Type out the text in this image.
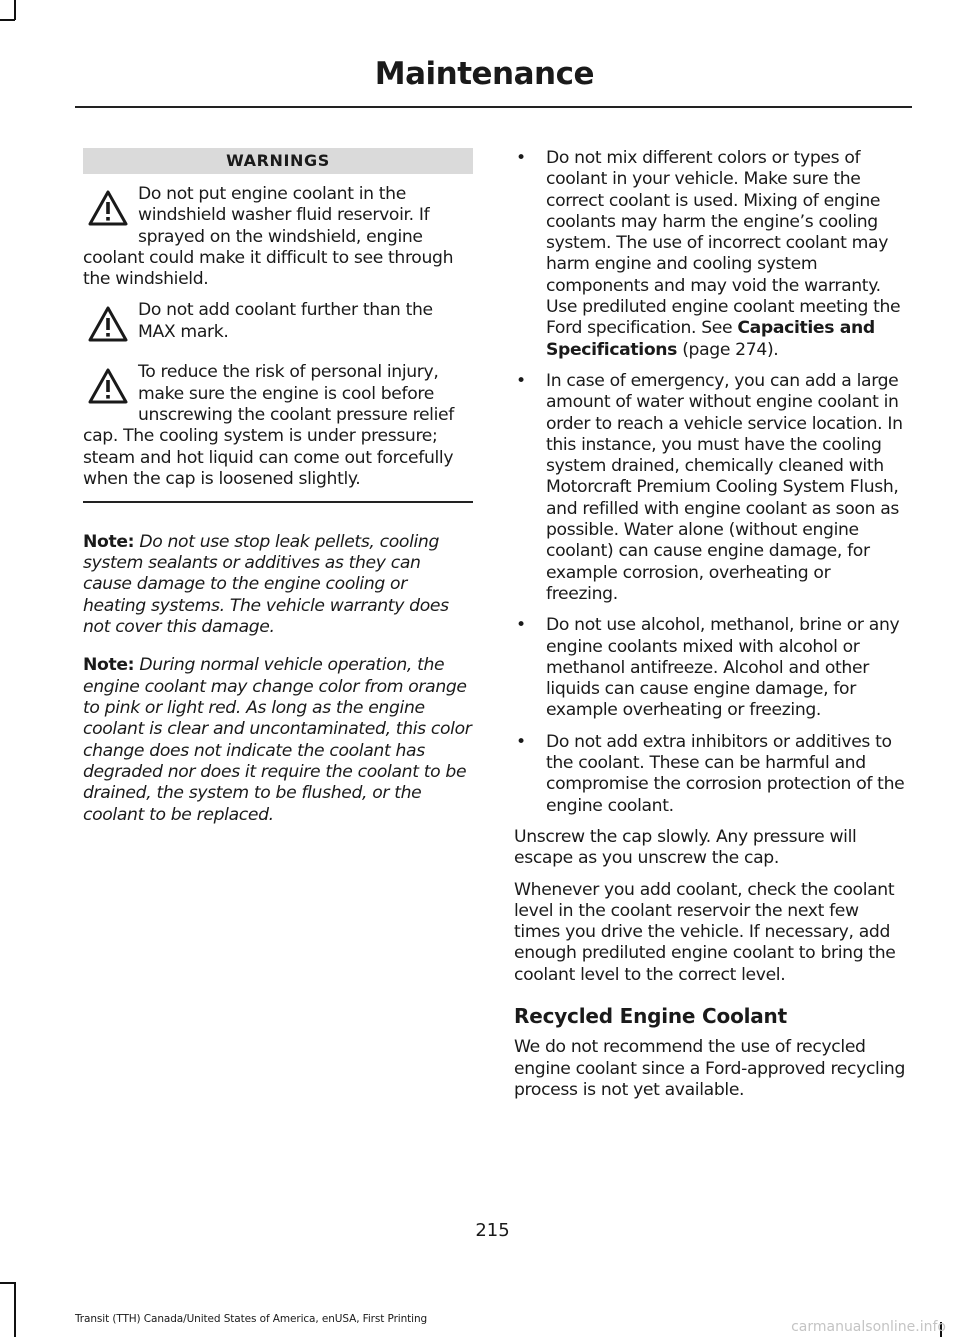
Maintenance
WARNINGS
Do not put engine coolant in the windshield washer fluid reservoir. If sprayed on the windshield, engine coolant could make it difficult to see through the windshield.
Do not add coolant further than the MAX mark.
To reduce the risk of personal injury, make sure the engine is cool before unscrewing the coolant pressure relief cap. The cooling system is under pressure; steam and hot liquid can come out forcefully when the cap is loosened slightly.

Note: Do not use stop leak pellets, cooling system sealants or additives as they can cause damage to the engine cooling or heating systems. The vehicle warranty does not cover this damage.

Note: During normal vehicle operation, the engine coolant may change color from orange to pink or light red. As long as the engine coolant is clear and uncontaminated, this color change does not indicate the coolant has degraded nor does it require the coolant to be drained, the system to be flushed, or the coolant to be replaced.

• Do not mix different colors or types of coolant in your vehicle. Make sure the correct coolant is used. Mixing of engine coolants may harm the engine’s cooling system. The use of incorrect coolant may harm engine and cooling system components and may void the warranty. Use prediluted engine coolant meeting the Ford specification. See Capacities and Specifications (page 274).
• In case of emergency, you can add a large amount of water without engine coolant in order to reach a vehicle service location. In this instance, you must have the cooling system drained, chemically cleaned with Motorcraft Premium Cooling System Flush, and refilled with engine coolant as soon as possible. Water alone (without engine coolant) can cause engine damage, for example corrosion, overheating or freezing.
• Do not use alcohol, methanol, brine or any engine coolants mixed with alcohol or methanol antifreeze. Alcohol and other liquids can cause engine damage, for example overheating or freezing.
• Do not add extra inhibitors or additives to the coolant. These can be harmful and compromise the corrosion protection of the engine coolant.
Unscrew the cap slowly. Any pressure will escape as you unscrew the cap.
Whenever you add coolant, check the coolant level in the coolant reservoir the next few times you drive the vehicle. If necessary, add enough prediluted engine coolant to bring the coolant level to the correct level.
Recycled Engine Coolant
We do not recommend the use of recycled engine coolant since a Ford-approved recycling process is not yet available.
215
Transit (TTH) Canada/United States of America, enUSA, First Printing	carmanualsonline.info
